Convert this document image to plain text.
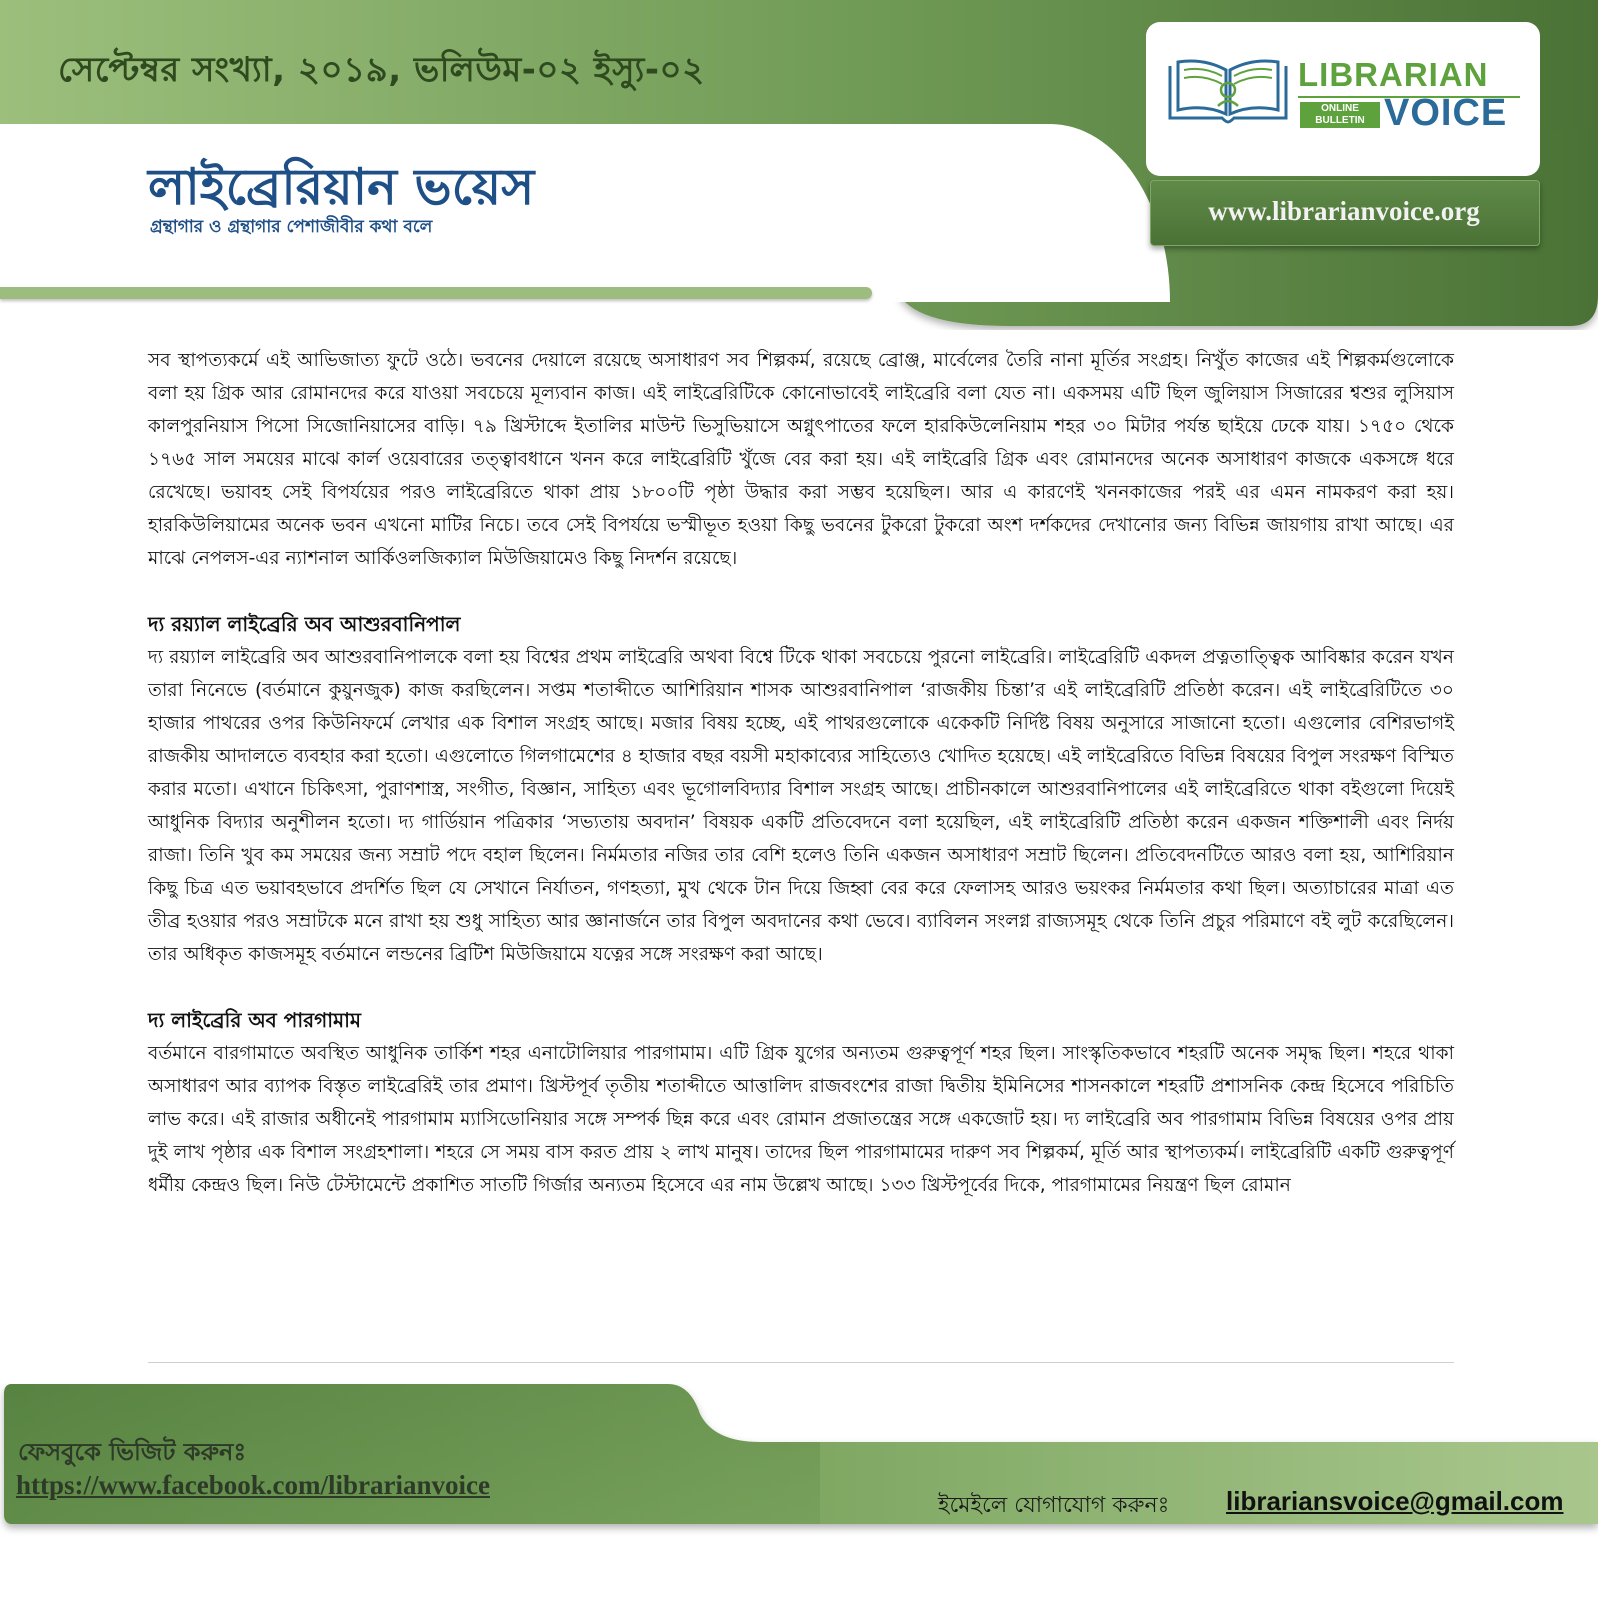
সেপ্টেম্বর সংখ্যা, ২০১৯, ভলিউম-০২ ইস্যু-০২
লাইব্রেরিয়ান ভয়েস
গ্রন্থাগার ও গ্রন্থাগার পেশাজীবীর কথা বলে
LIBRARIAN
ONLINE
BULLETIN VOICE
www.librarianvoice.org

সব স্থাপত্যকর্মে এই আভিজাত্য ফুটে ওঠে। ভবনের দেয়ালে রয়েছে অসাধারণ সব শিল্পকর্ম, রয়েছে ব্রোঞ্জ, মার্বেলের তৈরি নানা মূর্তির সংগ্রহ। নিখুঁত কাজের এই শিল্পকর্মগুলোকে বলা হয় গ্রিক আর রোমানদের করে যাওয়া সবচেয়ে মূল্যবান কাজ। এই লাইব্রেরিটিকে কোনোভাবেই লাইব্রেরি বলা যেত না। একসময় এটি ছিল জুলিয়াস সিজারের শ্বশুর লুসিয়াস কালপুরনিয়াস পিসো সিজোনিয়াসের বাড়ি। ৭৯ খ্রিস্টাব্দে ইতালির মাউন্ট ভিসুভিয়াসে অগ্নুৎপাতের ফলে হারকিউলেনিয়াম শহর ৩০ মিটার পর্যন্ত ছাইয়ে ঢেকে যায়। ১৭৫০ থেকে ১৭৬৫ সাল সময়ের মাঝে কার্ল ওয়েবারের তত্ত্বাবধানে খনন করে লাইব্রেরিটি খুঁজে বের করা হয়। এই লাইব্রেরি গ্রিক এবং রোমানদের অনেক অসাধারণ কাজকে একসঙ্গে ধরে রেখেছে। ভয়াবহ সেই বিপর্যয়ের পরও লাইব্রেরিতে থাকা প্রায় ১৮০০টি পৃষ্ঠা উদ্ধার করা সম্ভব হয়েছিল। আর এ কারণেই খননকাজের পরই এর এমন নামকরণ করা হয়। হারকিউলিয়ামের অনেক ভবন এখনো মাটির নিচে। তবে সেই বিপর্যয়ে ভস্মীভূত হওয়া কিছু ভবনের টুকরো টুকরো অংশ দর্শকদের দেখানোর জন্য বিভিন্ন জায়গায় রাখা আছে। এর মাঝে নেপলস-এর ন্যাশনাল আর্কিওলজিক্যাল মিউজিয়ামেও কিছু নিদর্শন রয়েছে।

দ্য রয়্যাল লাইব্রেরি অব আশুরবানিপাল

দ্য রয়্যাল লাইব্রেরি অব আশুরবানিপালকে বলা হয় বিশ্বের প্রথম লাইব্রেরি অথবা বিশ্বে টিকে থাকা সবচেয়ে পুরনো লাইব্রেরি। লাইব্রেরিটি একদল প্রত্নতাত্ত্বিক আবিষ্কার করেন যখন তারা নিনেভে (বর্তমানে কুয়ুনজুক) কাজ করছিলেন। সপ্তম শতাব্দীতে আশিরিয়ান শাসক আশুরবানিপাল ‘রাজকীয় চিন্তা’র এই লাইব্রেরিটি প্রতিষ্ঠা করেন। এই লাইব্রেরিটিতে ৩০ হাজার পাথরের ওপর কিউনিফর্মে লেখার এক বিশাল সংগ্রহ আছে। মজার বিষয় হচ্ছে, এই পাথরগুলোকে একেকটি নির্দিষ্ট বিষয় অনুসারে সাজানো হতো। এগুলোর বেশিরভাগই রাজকীয় আদালতে ব্যবহার করা হতো। এগুলোতে গিলগামেশের ৪ হাজার বছর বয়সী মহাকাব্যের সাহিত্যেও খোদিত হয়েছে। এই লাইব্রেরিতে বিভিন্ন বিষয়ের বিপুল সংরক্ষণ বিস্মিত করার মতো। এখানে চিকিৎসা, পুরাণশাস্ত্র, সংগীত, বিজ্ঞান, সাহিত্য এবং ভূগোলবিদ্যার বিশাল সংগ্রহ আছে। প্রাচীনকালে আশুরবানিপালের এই লাইব্রেরিতে থাকা বইগুলো দিয়েই আধুনিক বিদ্যার অনুশীলন হতো। দ্য গার্ডিয়ান পত্রিকার ‘সভ্যতায় অবদান’ বিষয়ক একটি প্রতিবেদনে বলা হয়েছিল, এই লাইব্রেরিটি প্রতিষ্ঠা করেন একজন শক্তিশালী এবং নির্দয় রাজা। তিনি খুব কম সময়ের জন্য সম্রাট পদে বহাল ছিলেন। নির্মমতার নজির তার বেশি হলেও তিনি একজন অসাধারণ সম্রাট ছিলেন। প্রতিবেদনটিতে আরও বলা হয়, আশিরিয়ান কিছু চিত্র এত ভয়াবহভাবে প্রদর্শিত ছিল যে সেখানে নির্যাতন, গণহত্যা, মুখ থেকে টান দিয়ে জিহ্বা বের করে ফেলাসহ আরও ভয়ংকর নির্মমতার কথা ছিল। অত্যাচারের মাত্রা এত তীব্র হওয়ার পরও সম্রাটকে মনে রাখা হয় শুধু সাহিত্য আর জ্ঞানার্জনে তার বিপুল অবদানের কথা ভেবে। ব্যাবিলন সংলগ্ন রাজ্যসমূহ থেকে তিনি প্রচুর পরিমাণে বই লুট করেছিলেন। তার অধিকৃত কাজসমূহ বর্তমানে লন্ডনের ব্রিটিশ মিউজিয়ামে যত্নের সঙ্গে সংরক্ষণ করা আছে।

দ্য লাইব্রেরি অব পারগামাম

বর্তমানে বারগামাতে অবস্থিত আধুনিক তার্কিশ শহর এনাটোলিয়ার পারগামাম। এটি গ্রিক যুগের অন্যতম গুরুত্বপূর্ণ শহর ছিল। সাংস্কৃতিকভাবে শহরটি অনেক সমৃদ্ধ ছিল। শহরে থাকা অসাধারণ আর ব্যাপক বিস্তৃত লাইব্রেরিই তার প্রমাণ। খ্রিস্টপূর্ব তৃতীয় শতাব্দীতে আত্তালিদ রাজবংশের রাজা দ্বিতীয় ইমিনিসের শাসনকালে শহরটি প্রশাসনিক কেন্দ্র হিসেবে পরিচিতি লাভ করে। এই রাজার অধীনেই পারগামাম ম্যাসিডোনিয়ার সঙ্গে সম্পর্ক ছিন্ন করে এবং রোমান প্রজাতন্ত্রের সঙ্গে একজোট হয়। দ্য লাইব্রেরি অব পারগামাম বিভিন্ন বিষয়ের ওপর প্রায় দুই লাখ পৃষ্ঠার এক বিশাল সংগ্রহশালা। শহরে সে সময় বাস করত প্রায় ২ লাখ মানুষ। তাদের ছিল পারগামামের দারুণ সব শিল্পকর্ম, মূর্তি আর স্থাপত্যকর্ম। লাইব্রেরিটি একটি গুরুত্বপূর্ণ ধর্মীয় কেন্দ্রও ছিল। নিউ টেস্টামেন্টে প্রকাশিত সাতটি গির্জার অন্যতম হিসেবে এর নাম উল্লেখ আছে। ১৩৩ খ্রিস্টপূর্বের দিকে, পারগামামের নিয়ন্ত্রণ ছিল রোমান

ফেসবুকে ভিজিট করুনঃ
https://www.facebook.com/librarianvoice
ইমেইলে যোগাযোগ করুনঃ librariansvoice@gmail.com
